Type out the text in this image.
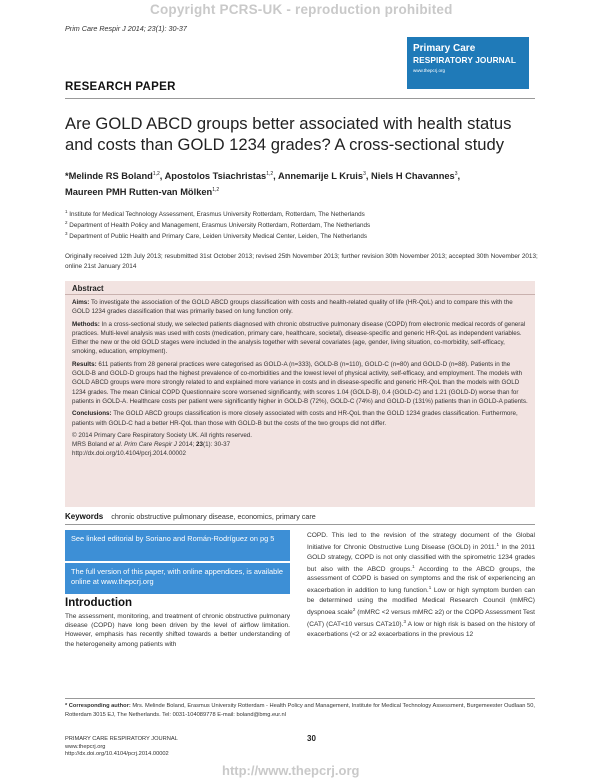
Copyright PCRS-UK - reproduction prohibited
Prim Care Respir J 2014; 23(1): 30-37
Primary Care
RESPIRATORY JOURNAL
www.thepcrj.org
RESEARCH PAPER
Are GOLD ABCD groups better associated with health status and costs than GOLD 1234 grades? A cross-sectional study
*Melinde RS Boland$^{1,2}$, Apostolos Tsiachristas$^{1,2}$, Annemarije L Kruis$^3$, Niels H Chavannes$^3$,
Maureen PMH Rutten-van Mölken$^{1,2}$
$^1$ Institute for Medical Technology Assessment, Erasmus University Rotterdam, Rotterdam, The Netherlands
$^2$ Department of Health Policy and Management, Erasmus University Rotterdam, Rotterdam, The Netherlands
$^3$ Department of Public Health and Primary Care, Leiden University Medical Center, Leiden, The Netherlands
Originally received 12th July 2013; resubmitted 31st October 2013; revised 25th November 2013; further revision 30th November 2013; accepted 30th November 2013; online 21st January 2014
Abstract

Aims: To investigate the association of the GOLD ABCD groups classification with costs and health-related quality of life (HR-QoL) and to compare this with the GOLD 1234 grades classification that was primarily based on lung function only.

Methods: In a cross-sectional study, we selected patients diagnosed with chronic obstructive pulmonary disease (COPD) from electronic medical records of general practices. Multi-level analysis was used with costs (medication, primary care, healthcare, societal), disease-specific and generic HR-QoL as independent variables. Either the new or the old GOLD stages were included in the analysis together with several covariates (age, gender, living situation, co-morbidity, self-efficacy, smoking, education, employment).

Results: 611 patients from 28 general practices were categorised as GOLD-A (n=333), GOLD-B (n=110), GOLD-C (n=80) and GOLD-D (n=88). Patients in the GOLD-B and GOLD-D groups had the highest prevalence of co-morbidities and the lowest level of physical activity, self-efficacy, and employment. The models with GOLD ABCD groups were more strongly related to and explained more variance in costs and in disease-specific and generic HR-QoL than the models with GOLD 1234 grades. The mean Clinical COPD Questionnaire score worsened significantly, with scores 1.04 (GOLD-B), 0.4 (GOLD-C) and 1.21 (GOLD-D) worse than for patients in GOLD-A. Healthcare costs per patient were significantly higher in GOLD-B (72%), GOLD-C (74%) and GOLD-D (131%) patients than in GOLD-A patients.

Conclusions: The GOLD ABCD groups classification is more closely associated with costs and HR-QoL than the GOLD 1234 grades classification. Furthermore, patients with GOLD-C had a better HR-QoL than those with GOLD-B but the costs of the two groups did not differ.

© 2014 Primary Care Respiratory Society UK. All rights reserved.
MRS Boland et al. Prim Care Respir J 2014; 23(1): 30-37
http://dx.doi.org/10.4104/pcrj.2014.00002
Keywords chronic obstructive pulmonary disease, economics, primary care
See linked editorial by Soriano and Román-Rodríguez on pg 5
The full version of this paper, with online appendices, is available online at www.thepcrj.org
Introduction
The assessment, monitoring, and treatment of chronic obstructive pulmonary disease (COPD) have long been driven by the level of airflow limitation. However, emphasis has recently shifted towards a better understanding of the heterogeneity among patients with
COPD. This led to the revision of the strategy document of the Global Initiative for Chronic Obstructive Lung Disease (GOLD) in 2011.$^1$ In the 2011 GOLD strategy, COPD is not only classified with the spirometric 1234 grades but also with the ABCD groups.$^1$ According to the ABCD groups, the assessment of COPD is based on symptoms and the risk of experiencing an exacerbation in addition to lung function.$^1$ Low or high symptom burden can be determined using the modified Medical Research Council (mMRC) dyspnoea scale$^2$ (mMRC <2 versus mMRC ≥2) or the COPD Assessment Test (CAT) (CAT<10 versus CAT≥10).$^3$ A low or high risk is based on the history of exacerbations (<2 or ≥2 exacerbations in the previous 12
* Corresponding author: Mrs. Melinde Boland, Erasmus University Rotterdam - Health Policy and Management, Institute for Medical Technology Assessment, Burgemeester Oudlaan 50, Rotterdam 3015 EJ, The Netherlands. Tel: 0031-104089778 E-mail: boland@bmg.eur.nl
PRIMARY CARE RESPIRATORY JOURNAL
www.thepcrj.org
http://dx.doi.org/10.4104/pcrj.2014.00002
30
http://www.thepcrj.org
